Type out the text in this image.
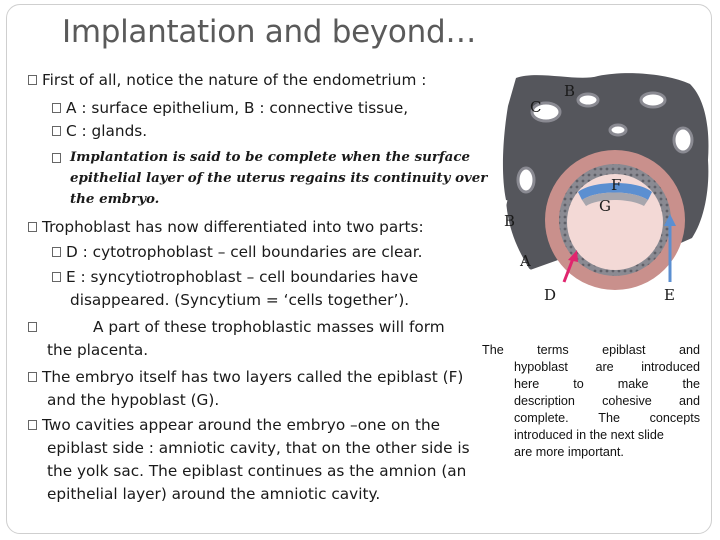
Implantation and beyond…
First of all, notice the nature of the endometrium :
A : surface epithelium, B : connective tissue,
C : glands.
Implantation is said to be complete when the surface
epithelial layer of the uterus regains its continuity over
the embryo.
Trophoblast has now differentiated into two parts:
D : cytotrophoblast – cell boundaries are clear.
E : syncytiotrophoblast – cell boundaries have
disappeared. (Syncytium = ‘cells together’).
A part of these trophoblastic masses will form
the placenta.
The embryo itself has two layers called the epiblast (F)
and the hypoblast (G).
Two cavities appear around the embryo –one on the
epiblast side : amniotic cavity, that on the other side is
the yolk sac. The epiblast continues as the amnion (an
epithelial layer) around the amniotic cavity.
B
C
F
G
B
A
D	E
The	terms	epiblast	and
hypoblast are introduced
here	to	make	the
description cohesive and
complete. The concepts
introduced in the next slide
are more important.
